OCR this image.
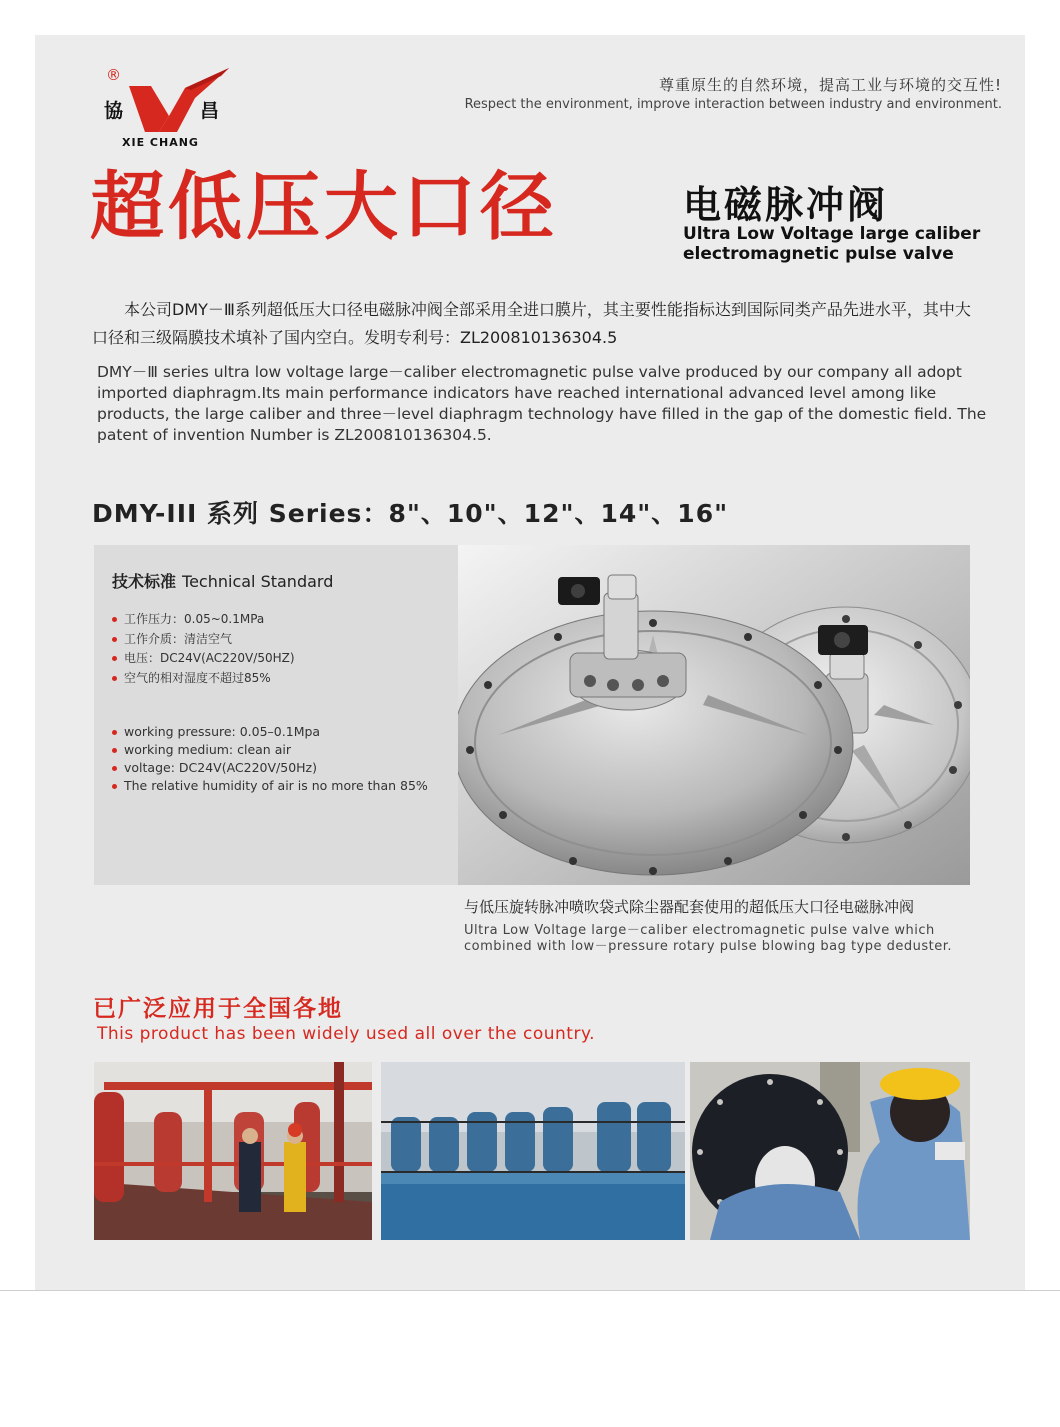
®
協	昌
XIE CHANG
尊重原生的自然环境，提高工业与环境的交互性!
Respect the environment, improve interaction between industry and environment.
超低压大口径	电磁脉冲阀
Ultra Low Voltage large caliber
electromagnetic pulse valve
本公司DMY－Ⅲ系列超低压大口径电磁脉冲阀全部采用全进口膜片，其主要性能指标达到国际同类产品先进水平，其中大口径和三级隔膜技术填补了国内空白。发明专利号：ZL200810136304.5
DMY－Ⅲ series ultra low voltage large－caliber electromagnetic pulse valve produced by our company all adopt imported diaphragm.Its main performance indicators have reached international advanced level among like products, the large caliber and three－level diaphragm technology have filled in the gap of the domestic field. The patent of invention Number is ZL200810136304.5.
DMY-III 系列 Series：8"、10"、12"、14"、16"
技术标准 Technical Standard
工作压力：0.05~0.1MPa
工作介质：清洁空气
电压：DC24V(AC220V/50HZ)
空气的相对湿度不超过85%
working pressure: 0.05–0.1Mpa
working medium: clean air
voltage: DC24V(AC220V/50Hz)
The relative humidity of air is no more than 85%
与低压旋转脉冲喷吹袋式除尘器配套使用的超低压大口径电磁脉冲阀
Ultra Low Voltage large－caliber electromagnetic pulse valve which
combined with low－pressure rotary pulse blowing bag type deduster.
已广泛应用于全国各地
This product has been widely used all over the country.
